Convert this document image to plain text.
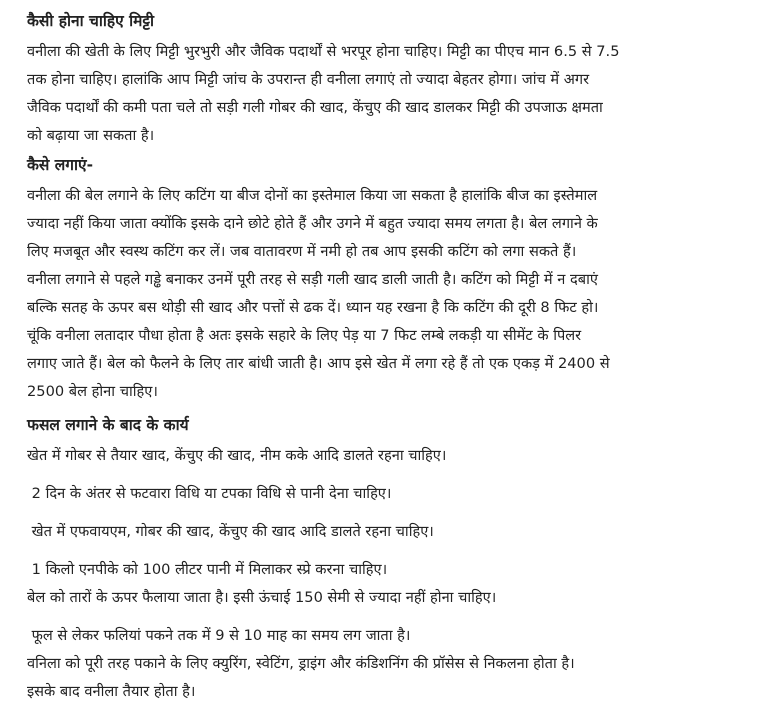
कैसी होना चाहिए मिट्टी
वनीला की खेती के लिए मिट्टी भुरभुरी और जैविक पदार्थों से भरपूर होना चाहिए। मिट्टी का पीएच मान 6.5 से 7.5
तक होना चाहिए। हालांकि आप मिट्टी जांच के उपरान्त ही वनीला लगाएं तो ज्यादा बेहतर होगा। जांच में अगर
जैविक पदार्थों की कमी पता चले तो सड़ी गली गोबर की खाद, केंचुए की खाद डालकर मिट्टी की उपजाऊ क्षमता
को बढ़ाया जा सकता है।
कैसे लगाएं-
वनीला की बेल लगाने के लिए कटिंग या बीज दोनों का इस्तेमाल किया जा सकता है हालांकि बीज का इस्तेमाल
ज्यादा नहीं किया जाता क्योंकि इसके दाने छोटे होते हैं और उगने में बहुत ज्यादा समय लगता है। बेल लगाने के
लिए मजबूत और स्वस्थ कटिंग कर लें। जब वातावरण में नमी हो तब आप इसकी कटिंग को लगा सकते हैं।
वनीला लगाने से पहले गड्ढे बनाकर उनमें पूरी तरह से सड़ी गली खाद डाली जाती है। कटिंग को मिट्टी में न दबाएं
बल्कि सतह के ऊपर बस थोड़ी सी खाद और पत्तों से ढक दें। ध्यान यह रखना है कि कटिंग की दूरी 8 फिट हो।
चूंकि वनीला लतादार पौधा होता है अतः इसके सहारे के लिए पेड़ या 7 फिट लम्बे लकड़ी या सीमेंट के पिलर
लगाए जाते हैं। बेल को फैलने के लिए तार बांधी जाती है। आप इसे खेत में लगा रहे हैं तो एक एकड़ में 2400 से
2500 बेल होना चाहिए।
फसल लगाने के बाद के कार्य
खेत में गोबर से तैयार खाद, केंचुए की खाद, नीम कके आदि डालते रहना चाहिए।
2 दिन के अंतर से फटवारा विधि या टपका विधि से पानी देना चाहिए।
खेत में एफवायएम, गोबर की खाद, केंचुए की खाद आदि डालते रहना चाहिए।
1 किलो एनपीके को 100 लीटर पानी में मिलाकर स्प्रे करना चाहिए।
बेल को तारों के ऊपर फैलाया जाता है। इसी ऊंचाई 150 सेमी से ज्यादा नहीं होना चाहिए।
फूल से लेकर फलियां पकने तक में 9 से 10 माह का समय लग जाता है।
वनिला को पूरी तरह पकाने के लिए क्युरिंग, स्वेटिंग, ड्राइंग और कंडिशनिंग की प्रॉसेस से निकलना होता है।
इसके बाद वनीला तैयार होता है।
